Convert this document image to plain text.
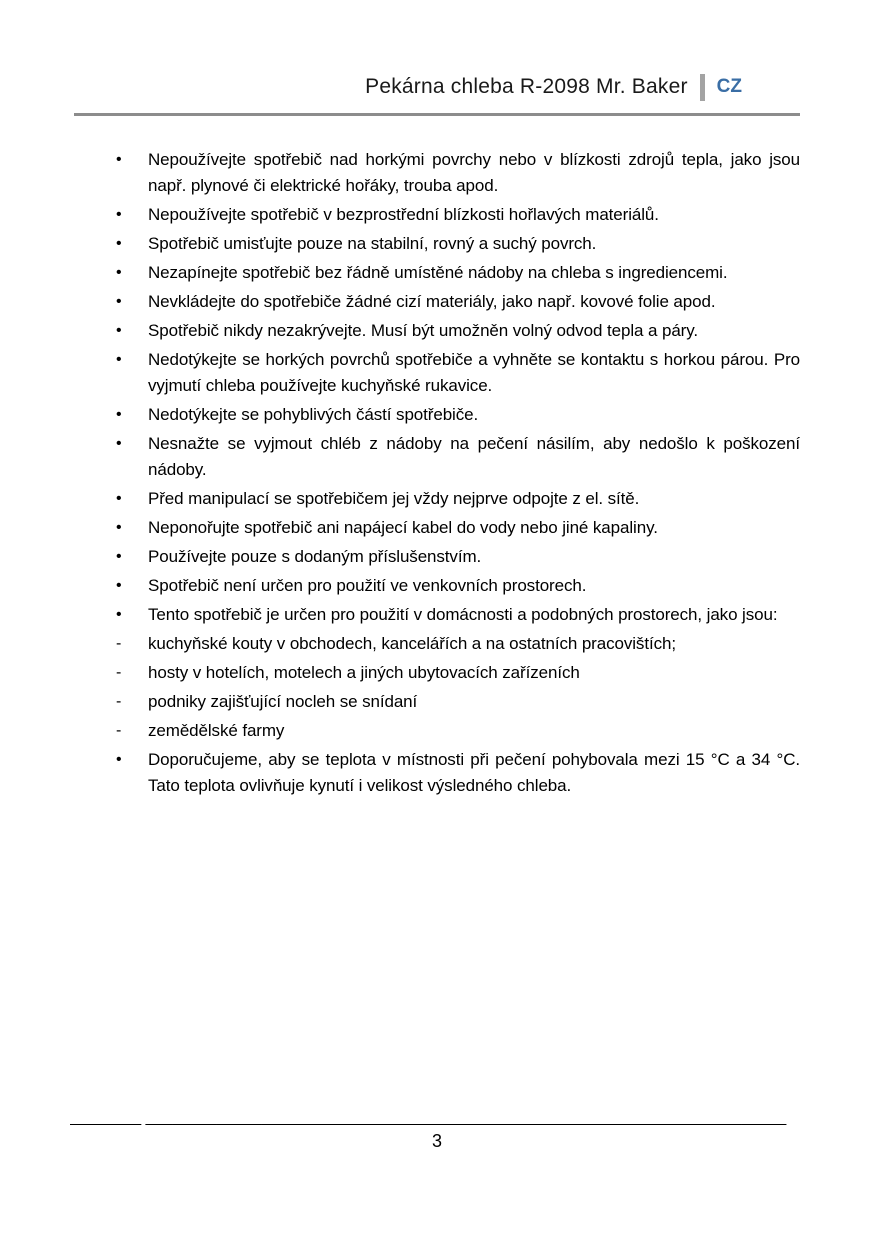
Pekárna chleba R-2098 Mr. Baker CZ
•	Nepoužívejte spotřebič nad horkými povrchy nebo v blízkosti zdrojů tepla, jako jsou např. plynové či elektrické hořáky, trouba apod.
•	Nepoužívejte spotřebič v bezprostřední blízkosti hořlavých materiálů.
•	Spotřebič umisťujte pouze na stabilní, rovný a suchý povrch.
•	Nezapínejte spotřebič bez řádně umístěné nádoby na chleba s ingrediencemi.
•	Nevkládejte do spotřebiče žádné cizí materiály, jako např. kovové folie apod.
•	Spotřebič nikdy nezakrývejte. Musí být umožněn volný odvod tepla a páry.
•	Nedotýkejte se horkých povrchů spotřebiče a vyhněte se kontaktu s horkou párou. Pro vyjmutí chleba používejte kuchyňské rukavice.
•	Nedotýkejte se pohyblivých částí spotřebiče.
•	Nesnažte se vyjmout chléb z nádoby na pečení násilím, aby nedošlo k poškození nádoby.
•	Před manipulací se spotřebičem jej vždy nejprve odpojte z el. sítě.
•	Neponořujte spotřebič ani napájecí kabel do vody nebo jiné kapaliny.
•	Používejte pouze s dodaným příslušenstvím.
•	Spotřebič není určen pro použití ve venkovních prostorech.
•	Tento spotřebič je určen pro použití v domácnosti a podobných prostorech, jako jsou:
-	kuchyňské kouty v obchodech, kancelářích a na ostatních pracovištích;
-	hosty v hotelích, motelech a jiných ubytovacích zařízeních
-	podniky zajišťující nocleh se snídaní
-	zemědělské farmy
•	Doporučujeme, aby se teplota v místnosti při pečení pohybovala mezi 15 °C a 34 °C. Tato teplota ovlivňuje kynutí i velikost výsledného chleba.
________ ________________________________________________________________________
3
